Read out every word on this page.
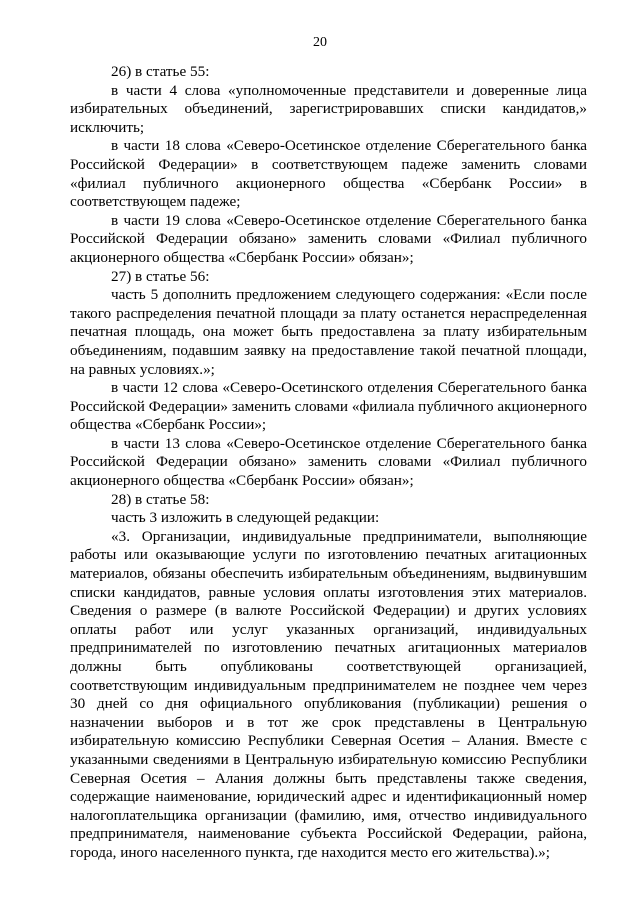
20

26) в статье 55:

в части 4 слова «уполномоченные представители и доверенные лица избирательных объединений, зарегистрировавших списки кандидатов,» исключить;

в части 18 слова «Северо-Осетинское отделение Сберегательного банка Российской Федерации» в соответствующем падеже заменить словами «филиал публичного акционерного общества «Сбербанк России» в соответствующем падеже;

в части 19 слова «Северо-Осетинское отделение Сберегательного банка Российской Федерации обязано» заменить словами «Филиал публичного акционерного общества «Сбербанк России» обязан»;

27) в статье 56:

часть 5 дополнить предложением следующего содержания: «Если после такого распределения печатной площади за плату останется нераспределенная печатная площадь, она может быть предоставлена за плату избирательным объединениям, подавшим заявку на предоставление такой печатной площади, на равных условиях.»;

в части 12 слова «Северо-Осетинского отделения Сберегательного банка Российской Федерации» заменить словами «филиала публичного акционерного общества «Сбербанк России»;

в части 13 слова «Северо-Осетинское отделение Сберегательного банка Российской Федерации обязано» заменить словами «Филиал публичного акционерного общества «Сбербанк России» обязан»;

28) в статье 58:

часть 3 изложить в следующей редакции:

«3. Организации, индивидуальные предприниматели, выполняющие работы или оказывающие услуги по изготовлению печатных агитационных материалов, обязаны обеспечить избирательным объединениям, выдвинувшим списки кандидатов, равные условия оплаты изготовления этих материалов. Сведения о размере (в валюте Российской Федерации) и других условиях оплаты работ или услуг указанных организаций, индивидуальных предпринимателей по изготовлению печатных агитационных материалов должны быть опубликованы соответствующей организацией, соответствующим индивидуальным предпринимателем не позднее чем через 30 дней со дня официального опубликования (публикации) решения о назначении выборов и в тот же срок представлены в Центральную избирательную комиссию Республики Северная Осетия – Алания. Вместе с указанными сведениями в Центральную избирательную комиссию Республики Северная Осетия – Алания должны быть представлены также сведения, содержащие наименование, юридический адрес и идентификационный номер налогоплательщика организации (фамилию, имя, отчество индивидуального предпринимателя, наименование субъекта Российской Федерации, района, города, иного населенного пункта, где находится место его жительства).»;
